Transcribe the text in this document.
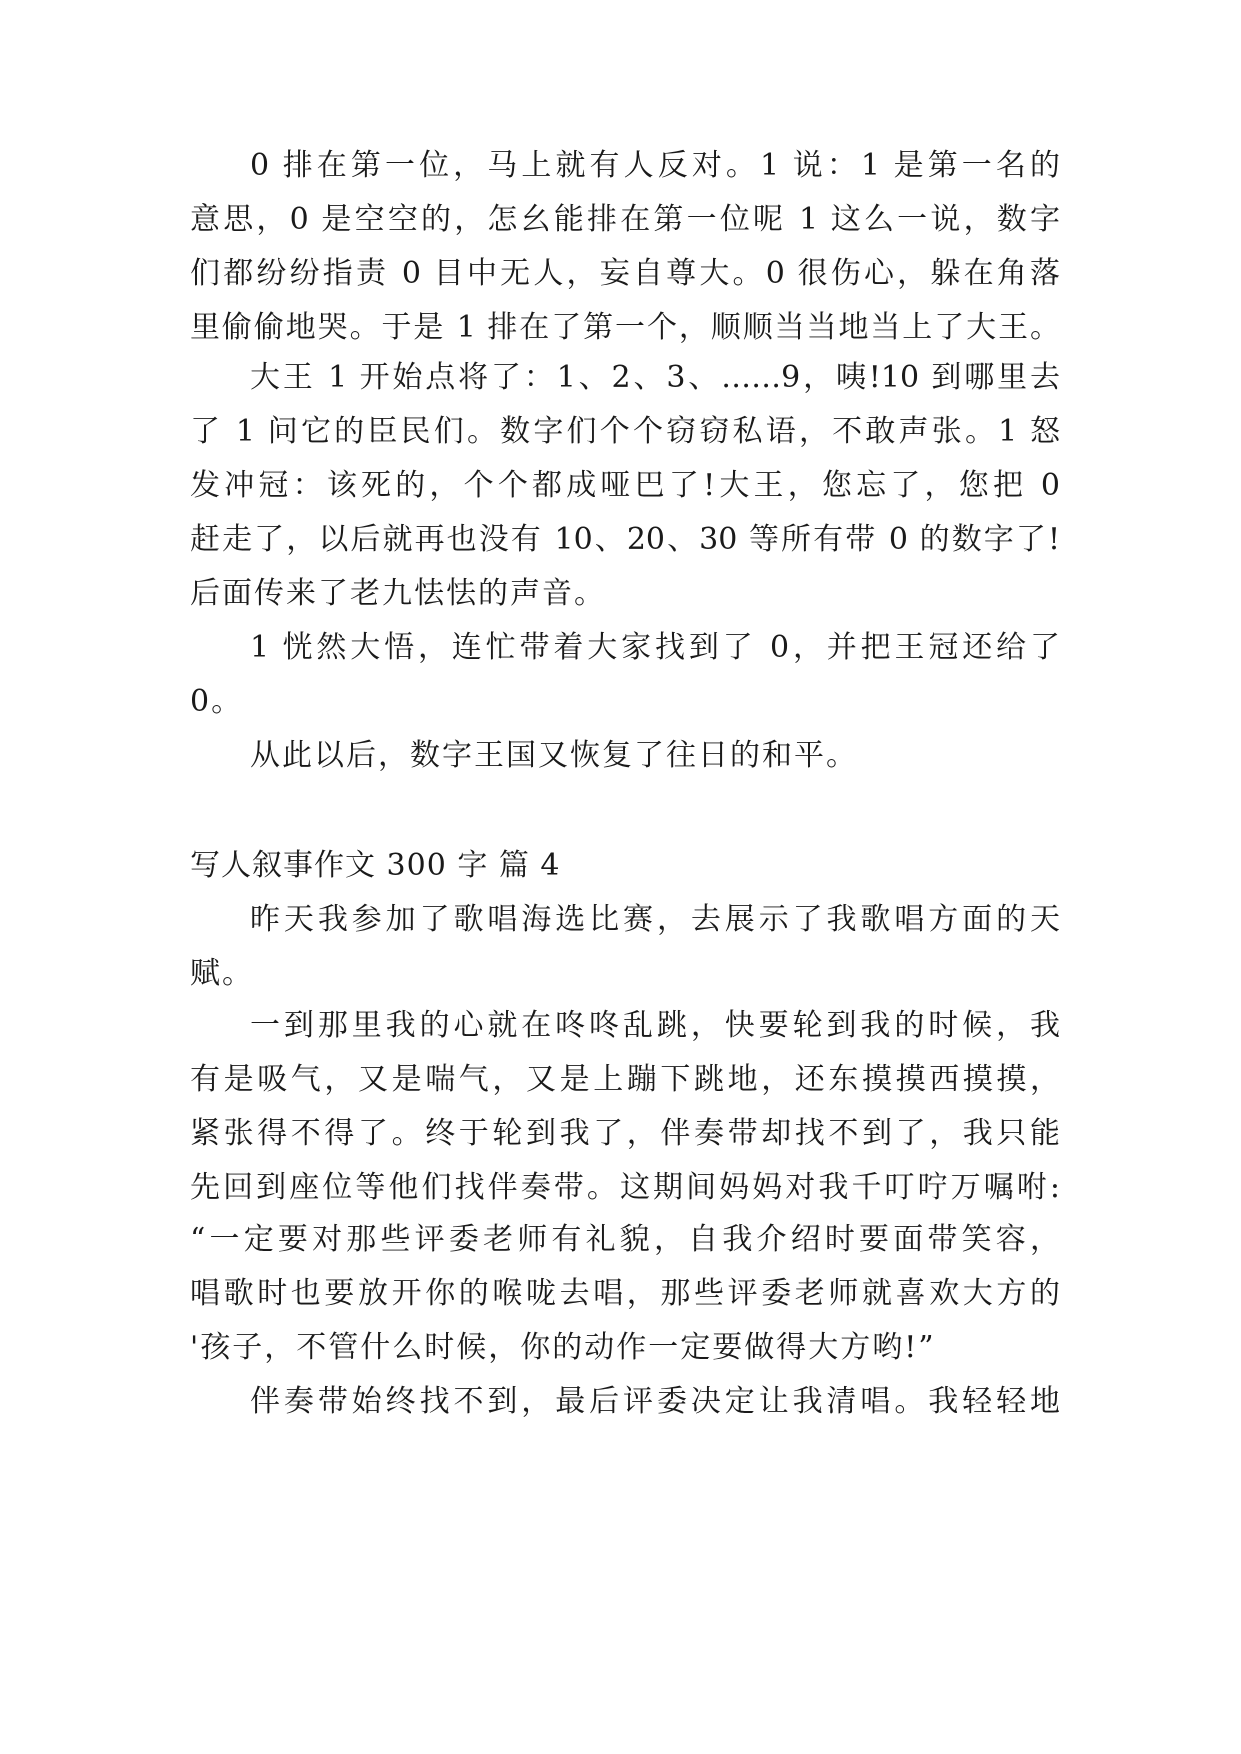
0 排在第一位，马上就有人反对。1 说：1 是第一名的
意思，0 是空空的，怎幺能排在第一位呢 1 这么一说，数字
们都纷纷指责 0 目中无人，妄自尊大。0 很伤心，躲在角落
里偷偷地哭。于是 1 排在了第一个，顺顺当当地当上了大王。
大王 1 开始点将了：1、2、3、……9，咦!10 到哪里去
了 1 问它的臣民们。数字们个个窃窃私语，不敢声张。1 怒
发冲冠：该死的，个个都成哑巴了!大王，您忘了，您把 0
赶走了，以后就再也没有 10、20、30 等所有带 0 的数字了!
后面传来了老九怯怯的声音。
1 恍然大悟，连忙带着大家找到了 0，并把王冠还给了
0。
从此以后，数字王国又恢复了往日的和平。
写人叙事作文 300 字 篇 4
昨天我参加了歌唱海选比赛，去展示了我歌唱方面的天
赋。
一到那里我的心就在咚咚乱跳，快要轮到我的时候，我
有是吸气，又是喘气，又是上蹦下跳地，还东摸摸西摸摸，
紧张得不得了。终于轮到我了，伴奏带却找不到了，我只能
先回到座位等他们找伴奏带。这期间妈妈对我千叮咛万嘱咐:
“一定要对那些评委老师有礼貌，自我介绍时要面带笑容，
唱歌时也要放开你的喉咙去唱，那些评委老师就喜欢大方的
'孩子，不管什么时候，你的动作一定要做得大方哟!”
伴奏带始终找不到，最后评委决定让我清唱。我轻轻地
